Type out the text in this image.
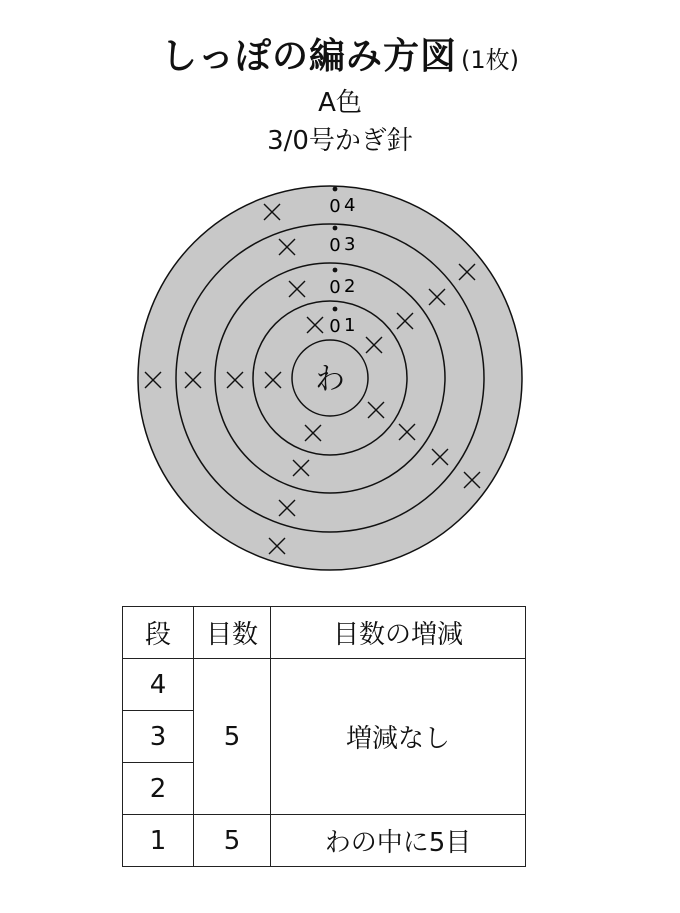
しっぽの編み方図 (1枚)
A色
3/0号かぎ針
わ
0 1
0 2
0 3
0 4
段	目数	目数の増減
4	5	増減なし
3		
2		
1	5	わの中に5目
